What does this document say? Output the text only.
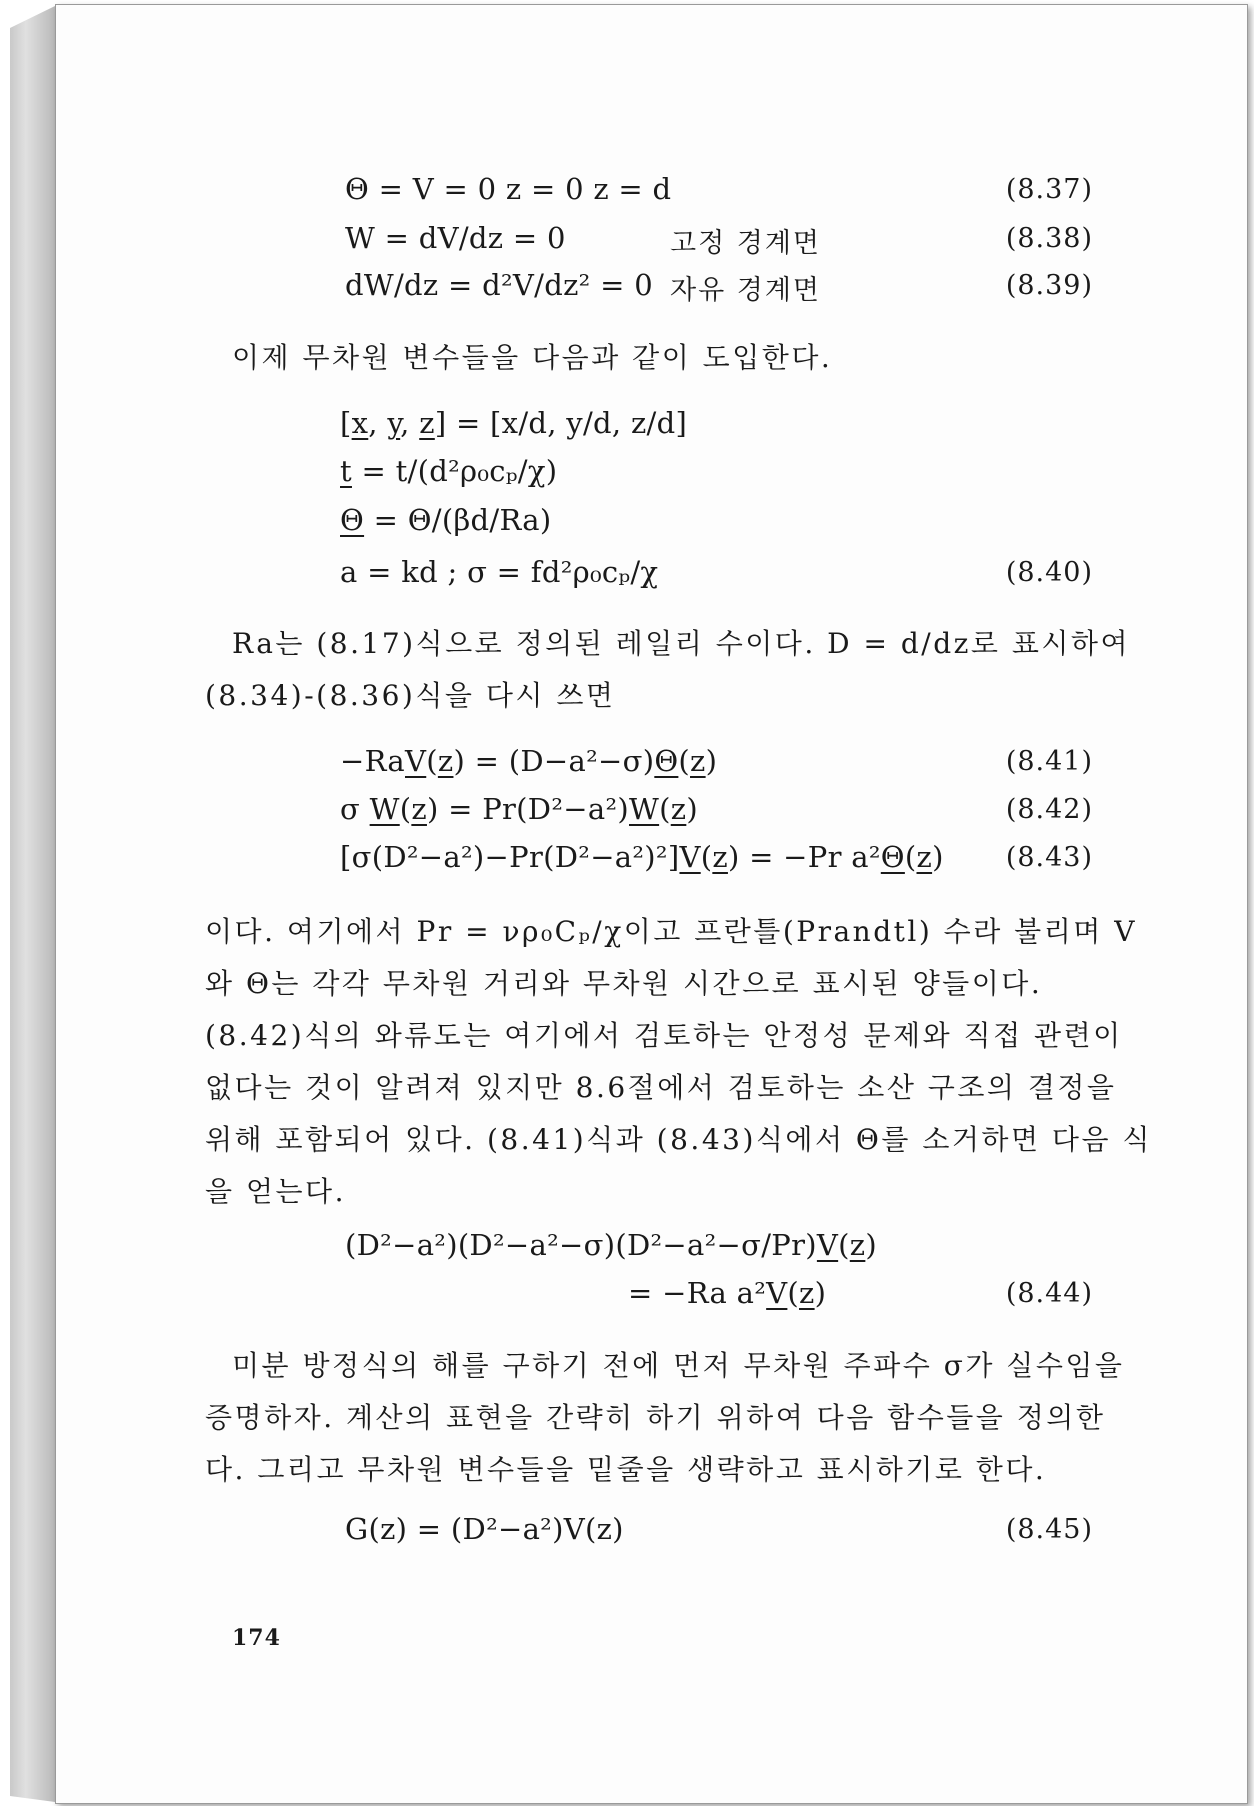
Θ = V = 0 z = 0 z = d	(8.37)
W = dV/dz = 0	고정 경계면	(8.38)
dW/dz = d²V/dz² = 0 자유 경계면	(8.39)
이제 무차원 변수들을 다음과 같이 도입한다.
[x, y, z] = [x/d, y/d, z/d]
t = t/(d²ρ₀cₚ/χ)
Θ = Θ/(βd/Ra)
a = kd ; σ = fd²ρ₀cₚ/χ	(8.40)
Ra는 (8.17)식으로 정의된 레일리 수이다. D = d/dz로 표시하여
(8.34)-(8.36)식을 다시 쓰면
−RaV(z) = (D−a²−σ)Θ(z)	(8.41)
σ W(z) = Pr(D²−a²)W(z)	(8.42)
[σ(D²−a²)−Pr(D²−a²)²]V(z) = −Pr a²Θ(z) (8.43)
이다. 여기에서 Pr = νρ₀Cₚ/χ이고 프란틀(Prandtl) 수라 불리며 V
와 Θ는 각각 무차원 거리와 무차원 시간으로 표시된 양들이다.
(8.42)식의 와류도는 여기에서 검토하는 안정성 문제와 직접 관련이
없다는 것이 알려져 있지만 8.6절에서 검토하는 소산 구조의 결정을
위해 포함되어 있다. (8.41)식과 (8.43)식에서 Θ를 소거하면 다음 식
을 얻는다.
(D²−a²)(D²−a²−σ)(D²−a²−σ/Pr)V(z)
= −Ra a²V(z)	(8.44)
미분 방정식의 해를 구하기 전에 먼저 무차원 주파수 σ가 실수임을
증명하자. 계산의 표현을 간략히 하기 위하여 다음 함수들을 정의한
다. 그리고 무차원 변수들을 밑줄을 생략하고 표시하기로 한다.
G(z) = (D²−a²)V(z)	(8.45)
174
